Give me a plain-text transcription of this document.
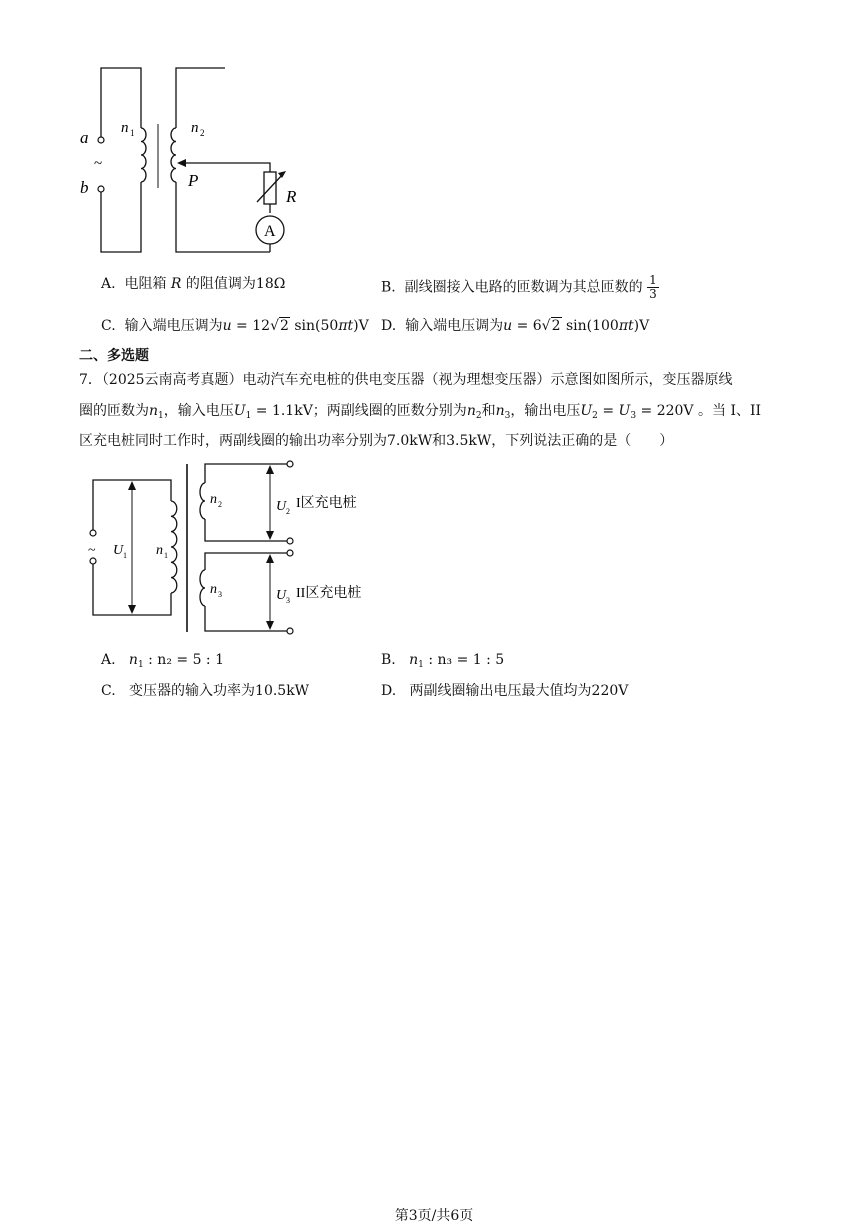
a
b
~
n 1	n 2
P
R
A
A. 电阻箱 R 的阻值调为18Ω	B. 副线圈接入电路的匝数调为其总匝数的 $\frac{1}{3}$
C. 输入端电压调为u = 12√2 sin(50πt)V D. 输入端电压调为u = 6√2 sin(100πt)V
二、多选题
7．（2025云南高考真题）电动汽车充电桩的供电变压器（视为理想变压器）示意图如图所示，变压器原线
圈的匝数为$n_1$，输入电压$U_1 = 1.1kV$；两副线圈的匝数分别为$n_2$和$n_3$，输出电压$U_2 = U_3 = 220V$ 。当 I、II
区充电桩同时工作时，两副线圈的输出功率分别为7.0kW和3.5kW，下列说法正确的是（　　）
~ U 1 n 1
n 2
n 3
U 2
U 3
I区充电桩
II区充电桩
A. $n_1$ : n₂ = 5 : 1	B. $n_1$ : n₃ = 1 : 5
C. 变压器的输入功率为10.5kW	D. 两副线圈输出电压最大值均为220V
第3页/共6页
